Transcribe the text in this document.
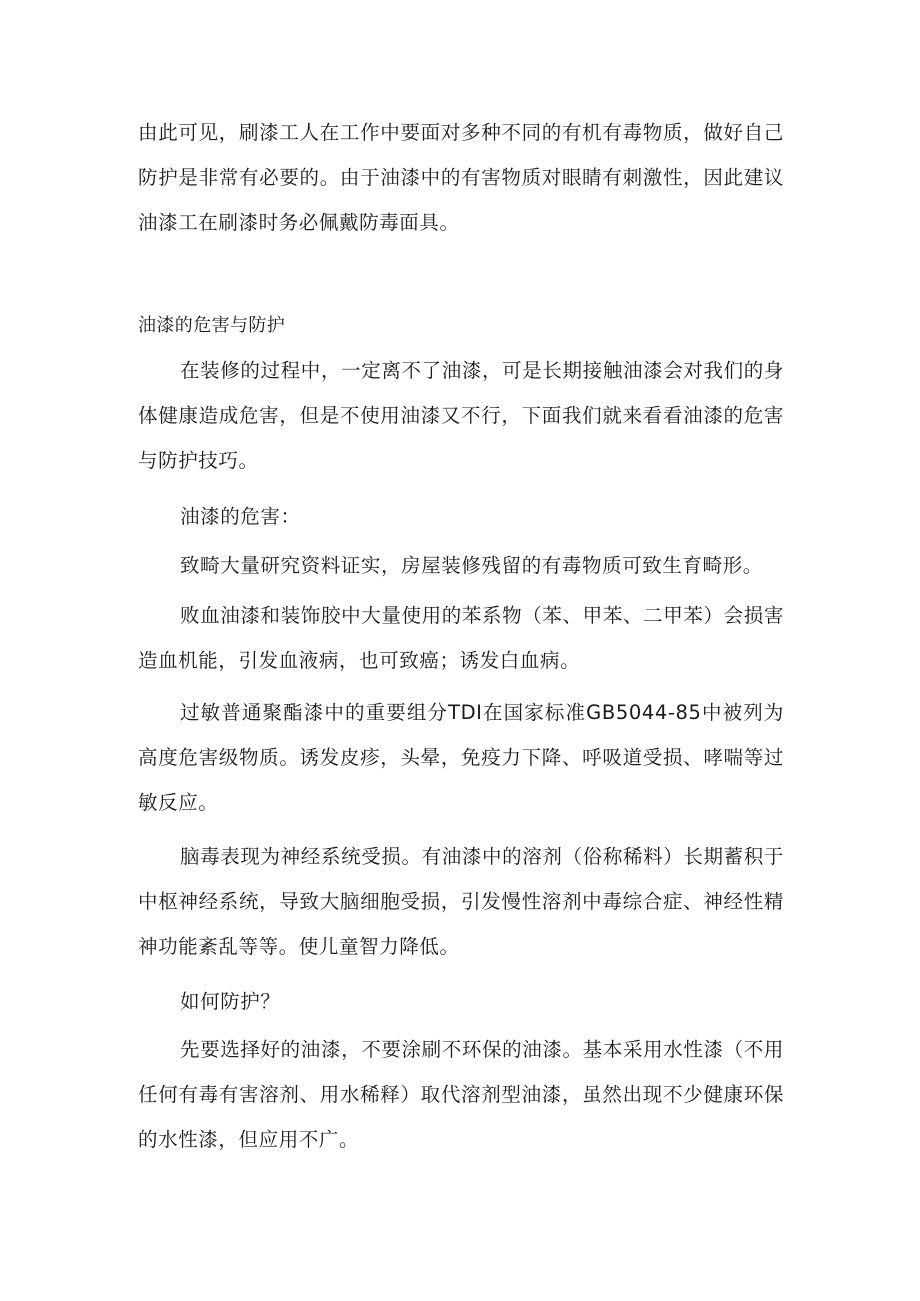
由此可见，刷漆工人在工作中要面对多种不同的有机有毒物质，做好自己防护是非常有必要的。由于油漆中的有害物质对眼睛有刺激性，因此建议油漆工在刷漆时务必佩戴防毒面具。

油漆的危害与防护

在装修的过程中，一定离不了油漆，可是长期接触油漆会对我们的身体健康造成危害，但是不使用油漆又不行，下面我们就来看看油漆的危害与防护技巧。

油漆的危害：

致畸大量研究资料证实，房屋装修残留的有毒物质可致生育畸形。

败血油漆和装饰胶中大量使用的苯系物（苯、甲苯、二甲苯）会损害造血机能，引发血液病，也可致癌；诱发白血病。

过敏普通聚酯漆中的重要组分TDI在国家标准GB5044-85中被列为高度危害级物质。诱发皮疹，头晕，免疫力下降、呼吸道受损、哮喘等过敏反应。

脑毒表现为神经系统受损。有油漆中的溶剂（俗称稀料）长期蓄积于中枢神经系统，导致大脑细胞受损，引发慢性溶剂中毒综合症、神经性精神功能紊乱等等。使儿童智力降低。

如何防护？

先要选择好的油漆，不要涂刷不环保的油漆。基本采用水性漆（不用任何有毒有害溶剂、用水稀释）取代溶剂型油漆，虽然出现不少健康环保的水性漆，但应用不广。
